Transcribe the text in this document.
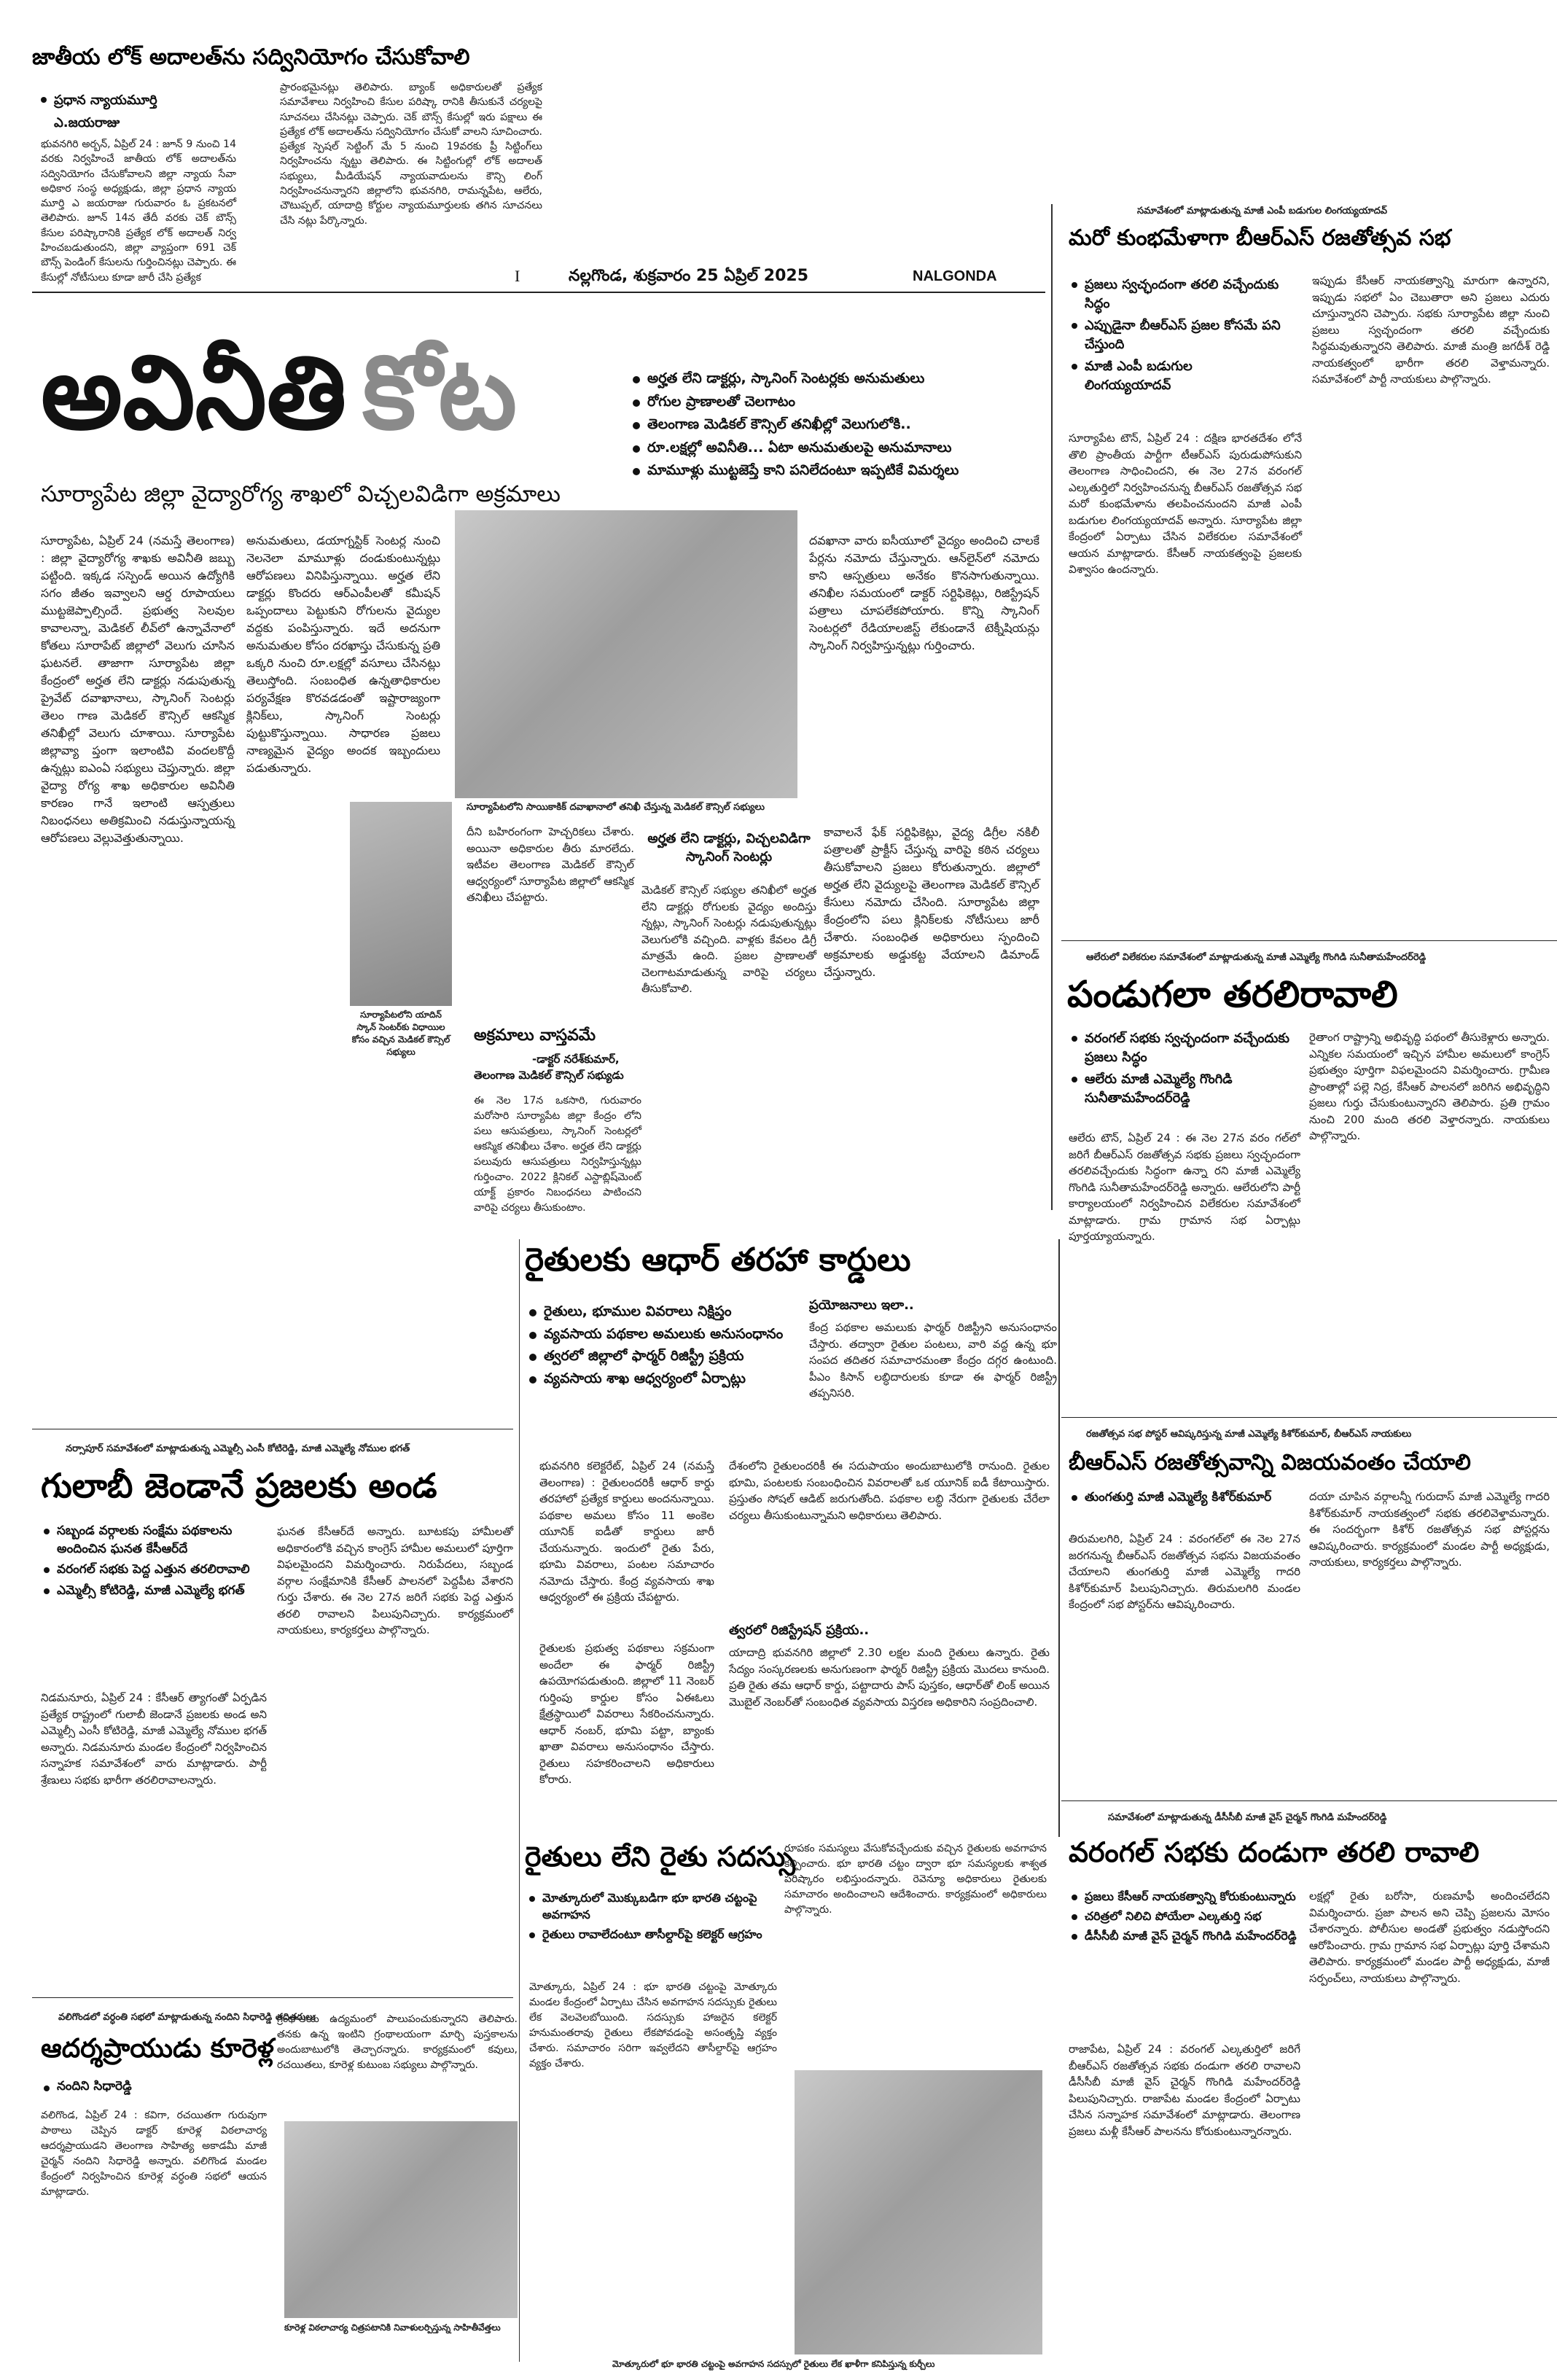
జాతీయ లోక్ అదాలత్‌ను సద్వినియోగం చేసుకోవాలి
ప్రధాన న్యాయమూర్తి
ఎ.జయరాజు
భువనగిరి అర్బన్, ఏప్రిల్ 24 : జూన్ 9 నుంచి 14 వరకు నిర్వహించే జాతీయ లోక్ అదాలత్‌ను సద్వినియోగం చేసుకోవాలని జిల్లా న్యాయ సేవా అధికార సంస్థ అధ్యక్షుడు, జిల్లా ప్రధాన న్యాయ మూర్తి ఎ జయరాజు గురువారం ఓ ప్రకటనలో తెలిపారు. జూన్ 14న తేదీ వరకు చెక్ బౌన్స్ కేసుల పరిష్కారానికి ప్రత్యేక లోక్ అదాలత్ నిర్వ హించబడుతుందని, జిల్లా వ్యాప్తంగా 691 చెక్ బౌన్స్ పెండింగ్ కేసులను గుర్తించినట్లు చెప్పారు. ఈ కేసుల్లో నోటీసులు కూడా జారీ చేసి ప్రత్యేక
ప్రారంభమైనట్లు తెలిపారు. బ్యాంక్ అధికారులతో ప్రత్యేక సమావేశాలు నిర్వహించి కేసుల పరిష్కా రానికి తీసుకునే చర్యలపై సూచనలు చేసినట్లు చెప్పారు. చెక్ బౌన్స్ కేసుల్లో ఇరు పక్షాలు ఈ ప్రత్యేక లోక్ అదాలత్‌ను సద్వినియోగం చేసుకో వాలని సూచించారు. ప్రత్యేక స్పెషల్ సెట్టింగ్ మే 5 నుంచి 19వరకు ప్రీ సిట్టింగ్‌లు నిర్వహించను న్నట్టు తెలిపారు. ఈ సిట్టింగుల్లో లోక్ అదాలత్ సభ్యులు, మీడియేషన్ న్యాయవాదులను కౌన్సి లింగ్ నిర్వహించనున్నారని జిల్లాలోని భువనగిరి, రామన్నపేట, ఆలేరు, చౌటుప్పల్, యాదాద్రి కోర్టుల న్యాయమూర్తులకు తగిన సూచనలు చేసి నట్లు పేర్కొన్నారు.
I	నల్లగొండ, శుక్రవారం 25 ఏప్రిల్ 2025	NALGONDA
అవినీతి కోట
సూర్యాపేట జిల్లా వైద్యారోగ్య శాఖలో విచ్చలవిడిగా అక్రమాలు
అర్హత లేని డాక్టర్లు, స్కానింగ్ సెంటర్లకు అనుమతులు
రోగుల ప్రాణాలతో చెలగాటం
తెలంగాణ మెడికల్ కౌన్సిల్ తనిఖీల్లో వెలుగులోకి..
రూ.లక్షల్లో అవినీతి... ఏటా అనుమతులపై అనుమానాలు
మామూళ్లు ముట్టజెప్తే కాని పనిలేదంటూ ఇప్పటికే విమర్శలు
సూర్యాపేట, ఏప్రిల్ 24 (నమస్తే తెలంగాణ) : జిల్లా వైద్యారోగ్య శాఖకు అవినీతి జబ్బు పట్టింది. ఇక్కడ సస్పెండ్ అయిన ఉద్యోగికి సగం జీతం ఇవ్వాలని ఆర్డ రూపాయలు ముట్టజెప్పాల్సిందే. ప్రభుత్వ సెలవుల కావాలన్నా, మెడికల్ లీవ్‌లో ఉన్నావేనాలో కోతలు సూరాపేట్‌ జిల్లాలో వెలుగు చూసిన ఘటనలే. తాజాగా సూర్యాపేట జిల్లా కేంద్రంలో అర్హత లేని డాక్టర్లు నడుపుతున్న ప్రైవేట్ దవాఖానాలు, స్కానింగ్ సెంటర్లు తెలం గాణ మెడికల్ కౌన్సిల్ ఆకస్మిక తనిఖీల్లో వెలుగు చూశాయి. సూర్యాపేట జిల్లావ్యా ప్తంగా ఇలాంటివి వందలకొద్దీ ఉన్నట్లు ఐఎంఏ సభ్యులు చెప్తున్నారు. జిల్లా వైద్యా రోగ్య శాఖ అధికారుల అవినీతి కారణం గానే ఇలాంటి ఆస్పత్రులు నిబంధనలు అతిక్రమించి నడుస్తున్నాయన్న ఆరోపణలు వెల్లువెత్తుతున్నాయి.
అనుమతులు, డయాగ్నస్టిక్ సెంటర్ల నుంచి నెలనెలా మామూళ్లు దండుకుంటున్నట్లు ఆరోపణలు వినిపిస్తున్నాయి. అర్హత లేని డాక్టర్లు కొందరు ఆర్ఎంపీలతో కమీషన్ ఒప్పందాలు పెట్టుకుని రోగులను వైద్యుల వద్దకు పంపిస్తున్నారు. ఇదే అదనుగా అనుమతుల కోసం దరఖాస్తు చేసుకున్న ప్రతి ఒక్కరి నుంచి రూ.లక్షల్లో వసూలు చేసినట్లు తెలుస్తోంది. సంబంధిత ఉన్నతాధికారుల పర్యవేక్షణ కొరవడడంతో ఇష్టారాజ్యంగా క్లినిక్‌లు, స్కానింగ్ సెంటర్లు పుట్టుకొస్తున్నాయి. సాధారణ ప్రజలు నాణ్యమైన వైద్యం అందక ఇబ్బందులు పడుతున్నారు.
దవఖానా వారు ఐసీయూలో వైద్యం అందించి చాలకే పేర్లను నమోదు చేస్తున్నారు. ఆన్‌లైన్‌లో నమోదు కాని ఆస్పత్రులు అనేకం కొనసాగుతున్నాయి. తనిఖీల సమయంలో డాక్టర్ సర్టిఫికెట్లు, రిజిస్ట్రేషన్ పత్రాలు చూపలేకపోయారు. కొన్ని స్కానింగ్ సెంటర్లలో రేడియాలజిస్ట్ లేకుండానే టెక్నీషియన్లు స్కానింగ్ నిర్వహిస్తున్నట్లు గుర్తించారు.
సూర్యాపేటలోని సాయికాకిక్ దవాఖానాలో తనిఖీ చేస్తున్న మెడికల్ కౌన్సిల్ సభ్యులు
సూర్యాపేటలోని యాదిన్ స్కాన్ సెంటర్‌కు విధాయిల కోసం వచ్చిన మెడికల్ కౌన్సిల్ సభ్యులు
దీని బహిరంగంగా హెచ్చరికలు చేశారు. అయినా అధికారుల తీరు మారలేదు. ఇటీవల తెలంగాణ మెడికల్ కౌన్సిల్ ఆధ్వర్యంలో సూర్యాపేట జిల్లాలో ఆకస్మిక తనిఖీలు చేపట్టారు.
అర్హత లేని డాక్టర్లు, విచ్చలవిడిగా స్కానింగ్ సెంటర్లు
మెడికల్ కౌన్సిల్ సభ్యుల తనిఖీలో అర్హత లేని డాక్టర్లు రోగులకు వైద్యం అందిస్తు న్నట్లు, స్కానింగ్ సెంటర్లు నడుపుతున్నట్లు వెలుగులోకి వచ్చింది. వాళ్లకు కేవలం డిగ్రీ మాత్రమే ఉంది. ప్రజల ప్రాణాలతో చెలగాటమాడుతున్న వారిపై చర్యలు తీసుకోవాలి.
కావాలనే ఫేక్ సర్టిఫికెట్లు, వైద్య డిగ్రీల నకిలీ పత్రాలతో ప్రాక్టీస్ చేస్తున్న వారిపై కఠిన చర్యలు తీసుకోవాలని ప్రజలు కోరుతున్నారు. జిల్లాలో అర్హత లేని వైద్యులపై తెలంగాణ మెడికల్ కౌన్సిల్ కేసులు నమోదు చేసింది. సూర్యాపేట జిల్లా కేంద్రంలోని పలు క్లినిక్‌లకు నోటీసులు జారీ చేశారు. సంబంధిత అధికారులు స్పందించి అక్రమాలకు అడ్డుకట్ట వేయాలని డిమాండ్ చేస్తున్నారు.
అక్రమాలు వాస్తవమే
-డాక్టర్ నరేశ్‌కుమార్,
తెలంగాణ మెడికల్ కౌన్సిల్ సభ్యుడు
ఈ నెల 17న ఒకసారి, గురువారం మరోసారి సూర్యాపేట జిల్లా కేంద్రం లోని పలు ఆసుపత్రులు, స్కానింగ్ సెంటర్లలో ఆకస్మిక తనిఖీలు చేశాం. అర్హత లేని డాక్టర్లు పలువురు ఆసుపత్రులు నిర్వహిస్తున్నట్లు గుర్తించాం. 2022 క్లినికల్ ఎస్టాబ్లిష్‌మెంట్ యాక్ట్ ప్రకారం నిబంధనలు పాటించని వారిపై చర్యలు తీసుకుంటాం.
సమావేశంలో మాట్లాడుతున్న మాజీ ఎంపీ బడుగుల లింగయ్యయాదవ్
మరో కుంభమేళాగా బీఆర్ఎస్ రజతోత్సవ సభ
ప్రజలు స్వచ్ఛందంగా తరలి వచ్చేందుకు సిద్ధం
ఎప్పుడైనా బీఆర్ఎస్ ప్రజల కోసమే పని చేస్తుంది
మాజీ ఎంపీ బడుగుల లింగయ్యయాదవ్
సూర్యాపేట టౌన్, ఏప్రిల్ 24 : దక్షిణ భారతదేశం లోనే తొలి ప్రాంతీయ పార్టీగా టీఆర్ఎస్ పురుడుపోసుకుని తెలంగాణ సాధించిందని, ఈ నెల 27న వరంగల్ ఎల్కతుర్తిలో నిర్వహించనున్న బీఆర్ఎస్ రజతోత్సవ సభ మరో కుంభమేళాను తలపించనుందని మాజీ ఎంపీ బడుగుల లింగయ్యయాదవ్ అన్నారు. సూర్యాపేట జిల్లా కేంద్రంలో ఏర్పాటు చేసిన విలేకరుల సమావేశంలో ఆయన మాట్లాడారు. కేసీఆర్ నాయకత్వంపై ప్రజలకు విశ్వాసం ఉందన్నారు.
ఇప్పుడు కేసీఆర్ నాయకత్వాన్ని మారుగా ఉన్నారని, ఇప్పుడు సభలో ఏం చెబుతారా అని ప్రజలు ఎదురు చూస్తున్నారని చెప్పారు. సభకు సూర్యాపేట జిల్లా నుంచి ప్రజలు స్వచ్ఛందంగా తరలి వచ్చేందుకు సిద్ధమవుతున్నారని తెలిపారు. మాజీ మంత్రి జగదీశ్ రెడ్డి నాయకత్వంలో భారీగా తరలి వెళ్తామన్నారు. సమావేశంలో పార్టీ నాయకులు పాల్గొన్నారు.
ఆలేరులో విలేకరుల సమావేశంలో మాట్లాడుతున్న మాజీ ఎమ్మెల్యే గొంగిడి సునీతామహేందర్‌రెడ్డి
పండుగలా తరలిరావాలి
వరంగల్ సభకు స్వచ్ఛందంగా వచ్చేందుకు ప్రజలు సిద్ధం
ఆలేరు మాజీ ఎమ్మెల్యే గొంగిడి సునీతామహేందర్‌రెడ్డి
ఆలేరు టౌన్, ఏప్రిల్ 24 : ఈ నెల 27న వరం గల్‌లో జరిగే బీఆర్ఎస్ రజతోత్సవ సభకు ప్రజలు స్వచ్ఛందంగా తరలివచ్చేందుకు సిద్ధంగా ఉన్నా రని మాజీ ఎమ్మెల్యే గొంగిడి సునీతామహేందర్‌రెడ్డి అన్నారు. ఆలేరులోని పార్టీ కార్యాలయంలో నిర్వహించిన విలేకరుల సమావేశంలో మాట్లాడారు. గ్రామ గ్రామాన సభ ఏర్పాట్లు పూర్తయ్యాయన్నారు.
రైతాంగ రాష్ట్రాన్ని అభివృద్ధి పథంలో తీసుకెళ్లారు అన్నారు. ఎన్నికల సమయంలో ఇచ్చిన హామీల అమలులో కాంగ్రెస్ ప్రభుత్వం పూర్తిగా విఫలమైందని విమర్శించారు. గ్రామీణ ప్రాంతాల్లో పల్లె నిద్ర, కేసీఆర్ పాలనలో జరిగిన అభివృద్ధిని ప్రజలు గుర్తు చేసుకుంటున్నారని తెలిపారు. ప్రతి గ్రామం నుంచి 200 మంది తరలి వెళ్తారన్నారు. నాయకులు పాల్గొన్నారు.
రైతులకు ఆధార్ తరహా కార్డులు
రైతులు, భూముల వివరాలు నిక్షిప్తం
వ్యవసాయ పథకాల అమలుకు అనుసంధానం
త్వరలో జిల్లాలో ఫార్మర్ రిజిస్ట్రీ ప్రక్రియ
వ్యవసాయ శాఖ ఆధ్వర్యంలో ఏర్పాట్లు
ప్రయోజనాలు ఇలా..
కేంద్ర పథకాల అమలుకు ఫార్మర్ రిజిస్ట్రీని అనుసంధానం చేస్తారు. తద్వారా రైతుల పంటలు, వారి వద్ద ఉన్న భూ సంపద తదితర సమాచారమంతా కేంద్రం దగ్గర ఉంటుంది. పీఎం కిసాన్ లబ్ధిదారులకు కూడా ఈ ఫార్మర్ రిజిస్ట్రీ తప్పనిసరి.
భువనగిరి కలెక్టరేట్, ఏప్రిల్ 24 (నమస్తే తెలంగాణ) : రైతులందరికీ ఆధార్ కార్డు తరహాలో ప్రత్యేక కార్డులు అందనున్నాయి. పథకాల అమలు కోసం 11 అంకెల యూనిక్ ఐడీతో కార్డులు జారీ చేయనున్నారు. ఇందులో రైతు పేరు, భూమి వివరాలు, పంటల సమాచారం నమోదు చేస్తారు. కేంద్ర వ్యవసాయ శాఖ ఆధ్వర్యంలో ఈ ప్రక్రియ చేపట్టారు.
రైతులకు ప్రభుత్వ పథకాలు సక్రమంగా అందేలా ఈ ఫార్మర్ రిజిస్ట్రీ ఉపయోగపడుతుంది. జిల్లాలో 11 నెంబర్ గుర్తింపు కార్డుల కోసం ఏఈఓలు క్షేత్రస్థాయిలో వివరాలు సేకరించనున్నారు. ఆధార్ నంబర్, భూమి పట్టా, బ్యాంకు ఖాతా వివరాలు అనుసంధానం చేస్తారు. రైతులు సహకరించాలని అధికారులు కోరారు.
దేశంలోని రైతులందరికీ ఈ సదుపాయం అందుబాటులోకి రానుంది. రైతుల భూమి, పంటలకు సంబంధించిన వివరాలతో ఒక యూనిక్ ఐడీ కేటాయిస్తారు. ప్రస్తుతం సోషల్ ఆడిట్ జరుగుతోంది. పథకాల లబ్ధి నేరుగా రైతులకు చేరేలా చర్యలు తీసుకుంటున్నామని అధికారులు తెలిపారు.
త్వరలో రిజిస్ట్రేషన్ ప్రక్రియ..
యాదాద్రి భువనగిరి జిల్లాలో 2.30 లక్షల మంది రైతులు ఉన్నారు. రైతు సేద్యం సంస్కరణలకు అనుగుణంగా ఫార్మర్ రిజిస్ట్రీ ప్రక్రియ మొదలు కానుంది. ప్రతి రైతు తమ ఆధార్ కార్డు, పట్టాదారు పాస్ పుస్తకం, ఆధార్‌తో లింక్ అయిన మొబైల్ నెంబర్‌తో సంబంధిత వ్యవసాయ విస్తరణ అధికారిని సంప్రదించాలి.
నర్సాపూర్ సమావేశంలో మాట్లాడుతున్న ఎమ్మెల్సీ ఎంసీ కోటిరెడ్డి, మాజీ ఎమ్మెల్యే నోముల భగత్
గులాబీ జెండానే ప్రజలకు అండ
సబ్బండ వర్గాలకు సంక్షేమ పథకాలను అందించిన ఘనత కేసీఆర్‌దే
వరంగల్ సభకు పెద్ద ఎత్తున తరలిరావాలి
ఎమ్మెల్సీ కోటిరెడ్డి, మాజీ ఎమ్మెల్యే భగత్
నిడమనూరు, ఏప్రిల్ 24 : కేసీఆర్ త్యాగంతో ఏర్పడిన ప్రత్యేక రాష్ట్రంలో గులాబీ జెండానే ప్రజలకు అండ అని ఎమ్మెల్సీ ఎంసీ కోటిరెడ్డి, మాజీ ఎమ్మెల్యే నోముల భగత్ అన్నారు. నిడమనూరు మండల కేంద్రంలో నిర్వహించిన సన్నాహక సమావేశంలో వారు మాట్లాడారు. పార్టీ శ్రేణులు సభకు భారీగా తరలిరావాలన్నారు.
ఘనత కేసీఆర్‌దే అన్నారు. బూటకపు హామీలతో అధికారంలోకి వచ్చిన కాంగ్రెస్ హామీల అమలులో పూర్తిగా విఫలమైందని విమర్శించారు. నిరుపేదలు, సబ్బండ వర్గాల సంక్షేమానికి కేసీఆర్ పాలనలో పెద్దపీట వేశారని గుర్తు చేశారు. ఈ నెల 27న జరిగే సభకు పెద్ద ఎత్తున తరలి రావాలని పిలుపునిచ్చారు. కార్యక్రమంలో నాయకులు, కార్యకర్తలు పాల్గొన్నారు.
రజతోత్సవ సభ పోస్టర్ ఆవిష్కరిస్తున్న మాజీ ఎమ్మెల్యే కిశోర్‌కుమార్, బీఆర్ఎస్ నాయకులు
బీఆర్ఎస్ రజతోత్సవాన్ని విజయవంతం చేయాలి
తుంగతుర్తి మాజీ ఎమ్మెల్యే కిశోర్‌కుమార్
తిరుమలగిరి, ఏప్రిల్ 24 : వరంగల్‌లో ఈ నెల 27న జరగనున్న బీఆర్ఎస్ రజతోత్సవ సభను విజయవంతం చేయాలని తుంగతుర్తి మాజీ ఎమ్మెల్యే గాదరి కిశోర్‌కుమార్ పిలుపునిచ్చారు. తిరుమలగిరి మండల కేంద్రంలో సభ పోస్టర్‌ను ఆవిష్కరించారు.
దయా చూపిన వర్గాలన్నీ గురుదాస్ మాజీ ఎమ్మెల్యే గాదరి కిశోర్‌కుమార్ నాయకత్వంలో సభకు తరలివెళ్తామన్నారు. ఈ సందర్భంగా కిశోర్ రజతోత్సవ సభ పోస్టర్లను ఆవిష్కరించారు. కార్యక్రమంలో మండల పార్టీ అధ్యక్షుడు, నాయకులు, కార్యకర్తలు పాల్గొన్నారు.
రైతులు లేని రైతు సదస్సు
మోత్కూరులో మొక్కుబడిగా భూ భారతి చట్టంపై అవగాహన
రైతులు రావాలేదంటూ తాసీల్దార్‌పై కలెక్టర్ ఆగ్రహం
మోత్కూరు, ఏప్రిల్ 24 : భూ భారతి చట్టంపై మోత్కూరు మండల కేంద్రంలో ఏర్పాటు చేసిన అవగాహన సదస్సుకు రైతులు లేక వెలవెలబోయింది. సదస్సుకు హాజరైన కలెక్టర్ హనుమంతరావు రైతులు లేకపోవడంపై అసంతృప్తి వ్యక్తం చేశారు. సమాచారం సరిగా ఇవ్వలేదని తాసీల్దార్‌పై ఆగ్రహం వ్యక్తం చేశారు.
రూపకం సమస్యలు వేసుకోవచ్చేందుకు వచ్చిన రైతులకు అవగాహన కల్పించారు. భూ భారతి చట్టం ద్వారా భూ సమస్యలకు శాశ్వత పరిష్కారం లభిస్తుందన్నారు. రెవెన్యూ అధికారులు రైతులకు సమాచారం అందించాలని ఆదేశించారు. కార్యక్రమంలో అధికారులు పాల్గొన్నారు.
మోత్కూరులో భూ భారతి చట్టంపై అవగాహన సదస్సులో రైతులు లేక ఖాళీగా కనిపిస్తున్న కుర్చీలు
సమావేశంలో మాట్లాడుతున్న డీసీసీబీ మాజీ వైస్ చైర్మన్ గొంగిడి మహేందర్‌రెడ్డి
వరంగల్ సభకు దండుగా తరలి రావాలి
ప్రజలు కేసీఆర్ నాయకత్వాన్ని కోరుకుంటున్నారు
చరిత్రలో నిలిచి పోయేలా ఎల్కతుర్తి సభ
డీసీసీబీ మాజీ వైస్ చైర్మన్ గొంగిడి మహేందర్‌రెడ్డి
రాజాపేట, ఏప్రిల్ 24 : వరంగల్ ఎల్కతుర్తిలో జరిగే బీఆర్ఎస్ రజతోత్సవ సభకు దండుగా తరలి రావాలని డీసీసీబీ మాజీ వైస్ చైర్మన్ గొంగిడి మహేందర్‌రెడ్డి పిలుపునిచ్చారు. రాజాపేట మండల కేంద్రంలో ఏర్పాటు చేసిన సన్నాహక సమావేశంలో మాట్లాడారు. తెలంగాణ ప్రజలు మళ్లీ కేసీఆర్ పాలనను కోరుకుంటున్నారన్నారు.
లక్షల్లో రైతు బరోసా, రుణమాఫీ అందించలేదని విమర్శించారు. ప్రజా పాలన అని చెప్పి ప్రజలను మోసం చేశారన్నారు. పోలీసుల అండతో ప్రభుత్వం నడుస్తోందని ఆరోపించారు. గ్రామ గ్రామాన సభ ఏర్పాట్లు పూర్తి చేశామని తెలిపారు. కార్యక్రమంలో మండల పార్టీ అధ్యక్షుడు, మాజీ సర్పంచ్‌లు, నాయకులు పాల్గొన్నారు.
వలిగొండలో వర్ధంతి సభలో మాట్లాడుతున్న నందిని సిధారెడ్డి తదితరులు
ఆదర్శప్రాయుడు కూరెళ్ల
నందిని సిధారెడ్డి
వలిగొండ, ఏప్రిల్ 24 : కవిగా, రచయితగా గురువుగా పాఠాలు చెప్పిన డాక్టర్ కూరెళ్ల విఠలాచార్య ఆదర్శప్రాయుడని తెలంగాణ సాహిత్య అకాడమీ మాజీ చైర్మన్ నందిని సిధారెడ్డి అన్నారు. వలిగొండ మండల కేంద్రంలో నిర్వహించిన కూరెళ్ల వర్ధంతి సభలో ఆయన మాట్లాడారు.
గ్రంథాలయ ఉద్యమంలో పాలుపంచుకున్నారని తెలిపారు. తనకు ఉన్న ఇంటిని గ్రంథాలయంగా మార్చి పుస్తకాలను అందుబాటులోకి తెచ్చారన్నారు. కార్యక్రమంలో కవులు, రచయితలు, కూరెళ్ల కుటుంబ సభ్యులు పాల్గొన్నారు.
కూరెళ్ల విఠలాచార్య చిత్రపటానికి నివాళులర్పిస్తున్న సాహితీవేత్తలు
